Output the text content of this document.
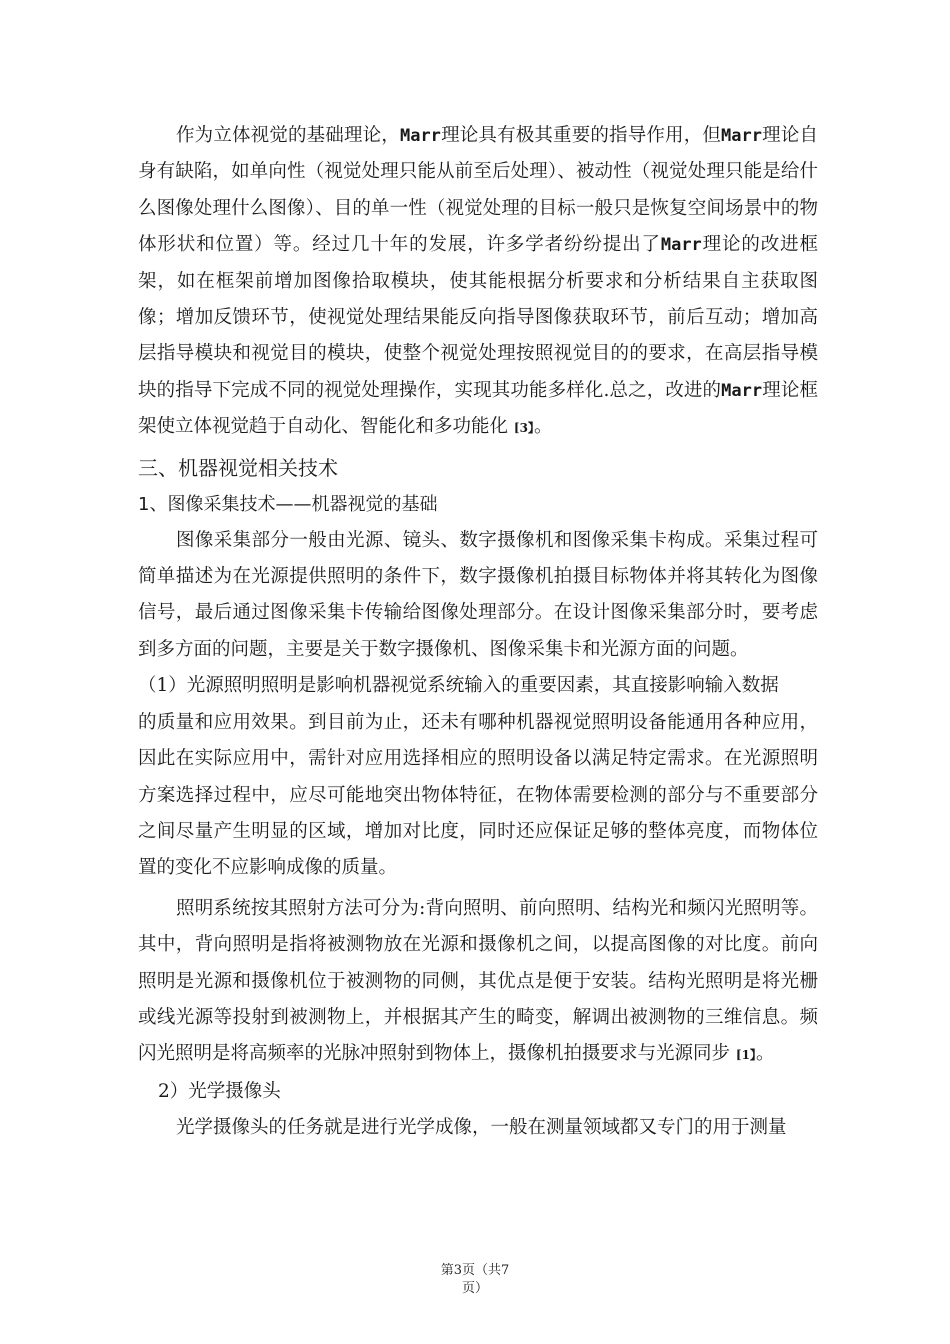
作为立体视觉的基础理论，Marr理论具有极其重要的指导作用，但Marr理论自身有缺陷，如单向性（视觉处理只能从前至后处理）、被动性（视觉处理只能是给什么图像处理什么图像）、目的单一性（视觉处理的目标一般只是恢复空间场景中的物体形状和位置）等。经过几十年的发展，许多学者纷纷提出了Marr理论的改进框架，如在框架前增加图像拾取模块，使其能根据分析要求和分析结果自主获取图像；增加反馈环节，使视觉处理结果能反向指导图像获取环节，前后互动；增加高层指导模块和视觉目的模块，使整个视觉处理按照视觉目的的要求，在高层指导模块的指导下完成不同的视觉处理操作，实现其功能多样化.总之，改进的Marr理论框架使立体视觉趋于自动化、智能化和多功能化 [3】。

三、机器视觉相关技术
1、图像采集技术——机器视觉的基础

图像采集部分一般由光源、镜头、数字摄像机和图像采集卡构成。采集过程可简单描述为在光源提供照明的条件下，数字摄像机拍摄目标物体并将其转化为图像信号，最后通过图像采集卡传输给图像处理部分。在设计图像采集部分时，要考虑到多方面的问题，主要是关于数字摄像机、图像采集卡和光源方面的问题。

（1）光源照明照明是影响机器视觉系统输入的重要因素，其直接影响输入数据

的质量和应用效果。到目前为止，还未有哪种机器视觉照明设备能通用各种应用，因此在实际应用中，需针对应用选择相应的照明设备以满足特定需求。在光源照明方案选择过程中，应尽可能地突出物体特征，在物体需要检测的部分与不重要部分之间尽量产生明显的区域，增加对比度，同时还应保证足够的整体亮度，而物体位置的变化不应影响成像的质量。

照明系统按其照射方法可分为:背向照明、前向照明、结构光和频闪光照明等。其中，背向照明是指将被测物放在光源和摄像机之间，以提高图像的对比度。前向照明是光源和摄像机位于被测物的同侧，其优点是便于安装。结构光照明是将光栅或线光源等投射到被测物上，并根据其产生的畸变，解调出被测物的三维信息。频闪光照明是将高频率的光脉冲照射到物体上，摄像机拍摄要求与光源同步 [1】。

2）光学摄像头

光学摄像头的任务就是进行光学成像，一般在测量领域都又专门的用于测量

第3页（共7
页）
